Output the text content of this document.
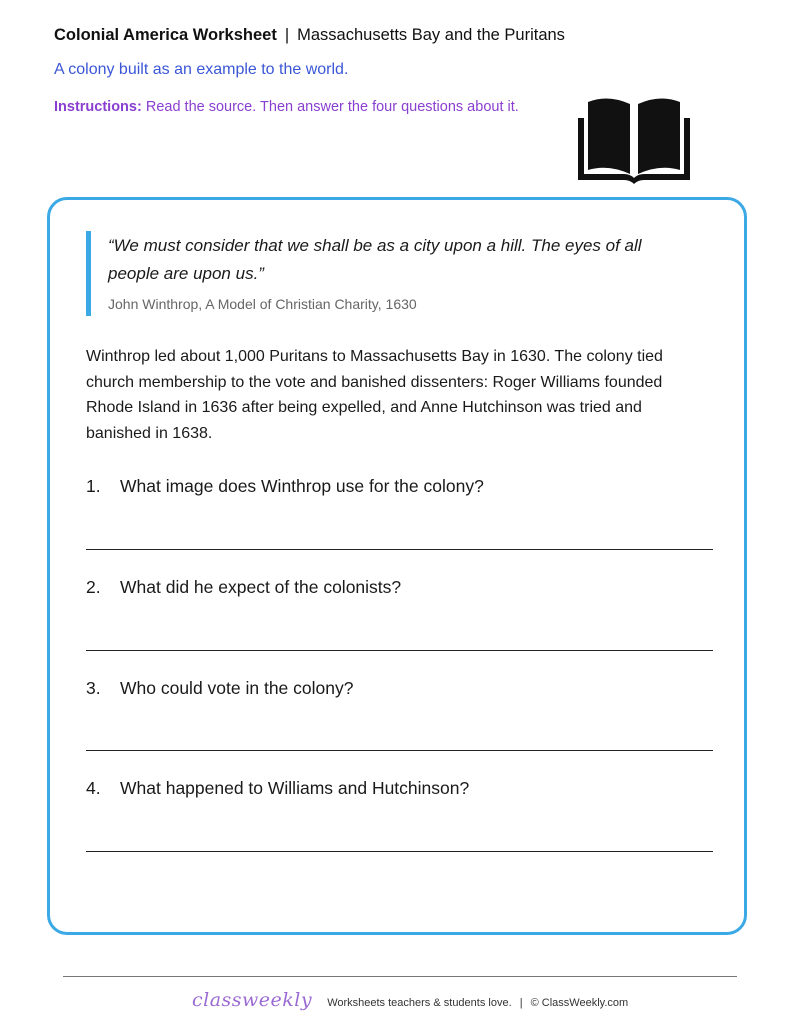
Colonial America Worksheet | Massachusetts Bay and the Puritans
A colony built as an example to the world.
Instructions: Read the source. Then answer the four questions about it.
“We must consider that we shall be as a city upon a hill. The eyes of all people are upon us.”
John Winthrop, A Model of Christian Charity, 1630
Winthrop led about 1,000 Puritans to Massachusetts Bay in 1630. The colony tied church membership to the vote and banished dissenters: Roger Williams founded Rhode Island in 1636 after being expelled, and Anne Hutchinson was tried and banished in 1638.
1. What image does Winthrop use for the colony?
2. What did he expect of the colonists?
3. Who could vote in the colony?
4. What happened to Williams and Hutchinson?
classweekly Worksheets teachers & students love. | © ClassWeekly.com
